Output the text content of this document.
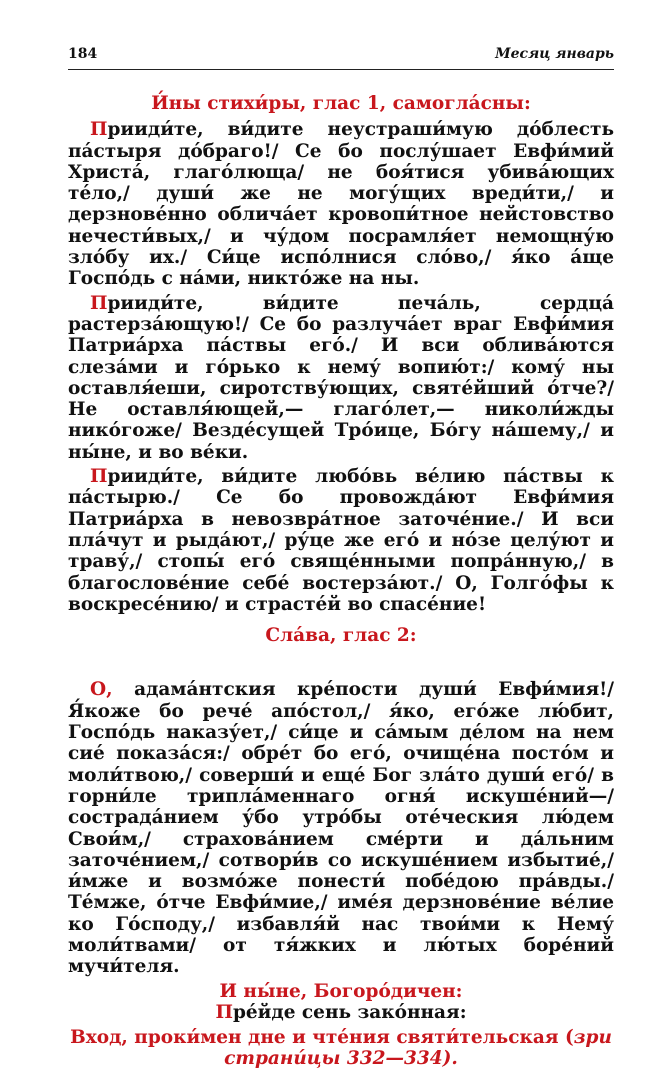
184	Месяц январь
И́ны стихи́ры, глас 1, самогла́сны:

Прииди́те, ви́дите неустраши́мую до́блесть па́стыря до́браго!/ Се бо послу́шает Евфи́мий Христа́, глаго́люща/ не боя́тися убива́ющих те́ло,/ души́ же не могу́щих вреди́ти,/ и дерзнове́нно облича́ет кровопи́тное нейстовство нечести́вых,/ и чу́дом посрамля́ет немощну́ю зло́бу их./ Си́це испо́лнися сло́во,/ я́ко а́ще Госпо́дь с на́ми, никто́же на ны.

Прииди́те, ви́дите печа́ль, сердца́ растерза́ющую!/ Се бо разлуча́ет враг Евфи́мия Патриа́рха па́ствы его́./ И вси облива́ются слеза́ми и го́рько к нему́ вопию́т:/ кому́ ны оставля́еши, сиротству́ющих, святе́йший о́тче?/ Не оставля́ющей,— глаго́лет,— николи́жды нико́гоже/ Везде́сущей Тро́ице, Бо́гу на́шему,/ и ны́не, и во ве́ки.

Прииди́те, ви́дите любо́вь ве́лию па́ствы к па́стырю./ Се бо провожда́ют Евфи́мия Патриа́рха в невозвра́тное заточе́ние./ И вси пла́чут и рыда́ют,/ ру́це же его́ и но́зе целу́ют и траву́,/ стопы́ его́ свяще́нными попра́нную,/ в благослове́ние себе́ востерза́ют./ О, Голго́фы к воскресе́нию/ и страсте́й во спасе́ние!

Сла́ва, глас 2:

О, адама́нтския кре́пости души́ Евфи́мия!/ Я́коже бо рече́ апо́стол,/ я́ко, его́же лю́бит, Госпо́дь наказу́ет,/ си́це и са́мым де́лом на нем сие́ показа́ся:/ обре́т бо его́, очище́на посто́м и моли́твою,/ соверши́ и еще́ Бог зла́то души́ его́/ в горни́ле трипла́меннаго огня́ искуше́ний—/ сострада́нием у́бо утро́бы оте́ческия лю́дем Свои́м,/ страхова́нием сме́рти и да́льним заточе́нием,/ сотвори́в со искуше́нием избытие́,/ и́мже и возмо́же понести́ побе́дою пра́вды./ Те́мже, о́тче Евфи́мие,/ име́я дерзнове́ние ве́лие ко Го́споду,/ избавля́й нас твои́ми к Нему́ моли́твами/ от тя́жких и лю́тых боре́ний мучи́теля.

И ны́не, Богоро́дичен:

Пре́йде сень зако́нная:

Вход, проки́мен дне и чте́ния святи́тельская (зри страни́цы 332—334).
